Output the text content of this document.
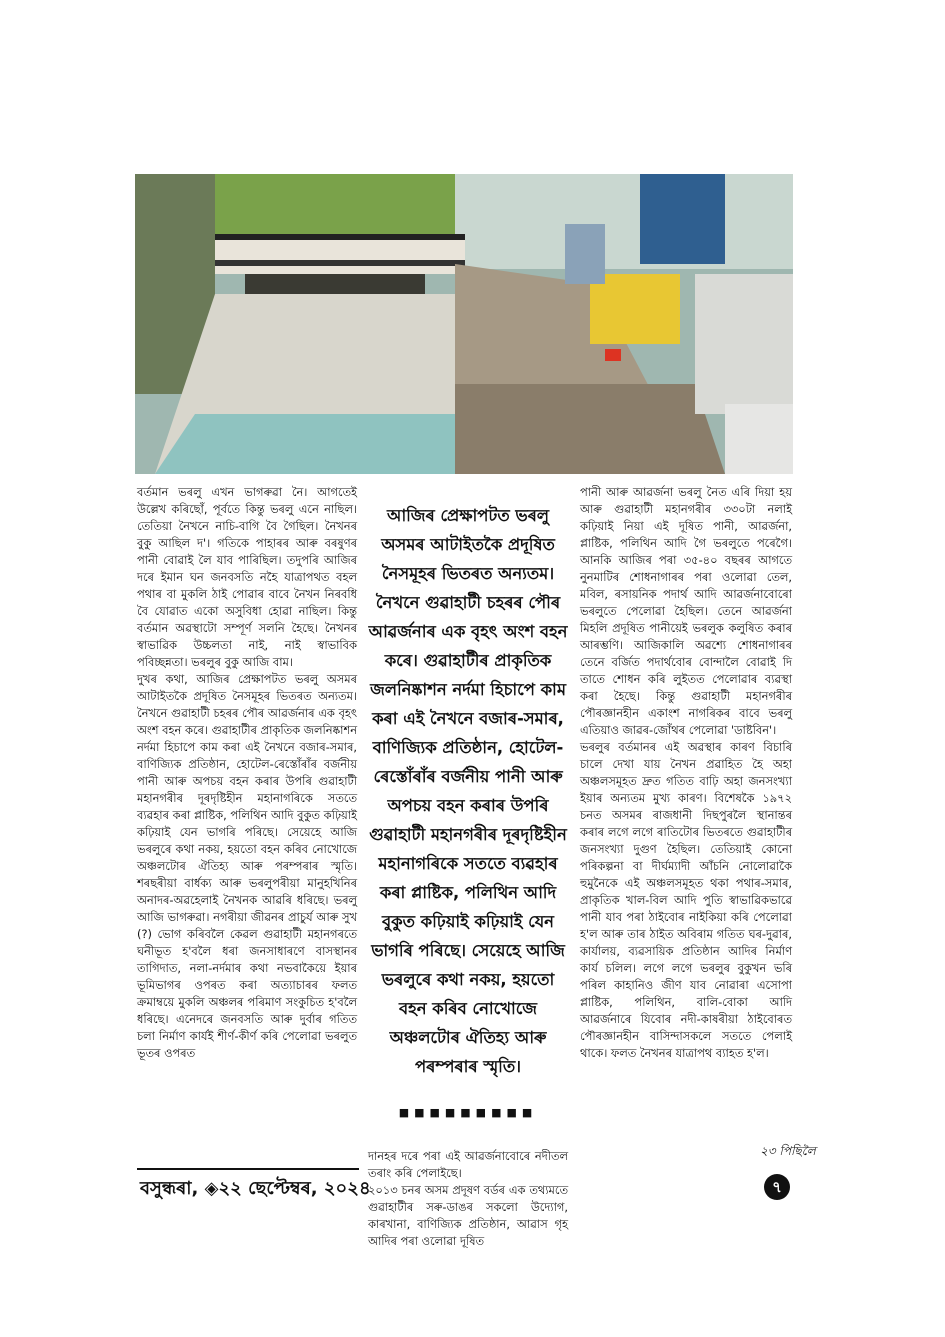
বৰ্তমান ভৰলু এখন ভাগৰুৱা নৈ। আগতেই উল্লেখ কৰিছোঁ, পূৰ্বতে কিন্তু ভৰলু এনে নাছিল। তেতিয়া নৈখনে নাচি-বাগি বৈ গৈছিল। নৈখনৰ বুকু আছিল দ'। গতিকে পাহাৰৰ আৰু বৰষুণৰ পানী বোৱাই লৈ যাব পাৰিছিল। তদুপৰি আজিৰ দৰে ইমান ঘন জনবসতি নহৈ যাত্ৰাপথত বহল পথাৰ বা মুকলি ঠাই পোৱাৰ বাবে নৈখন নিৰবধি বৈ যোৱাত একো অসুবিধা হোৱা নাছিল। কিন্তু বৰ্তমান অৱস্থাটো সম্পূৰ্ণ সলনি হৈছে। নৈখনৰ স্বাভাৱিক উচ্চলতা নাই, নাই স্বাভাবিক পবিচ্ছন্নতা। ভৰলুৰ বুকু আজি বাম।
দুখৰ কথা, আজিৰ প্ৰেক্ষাপটত ভৰলু অসমৰ আটাইতকৈ প্ৰদূষিত নৈসমূহৰ ভিতৰত অন্যতম। নৈখনে গুৱাহাটী চহৰৰ পৌৰ আৱৰ্জনাৰ এক বৃহৎ অংশ বহন কৰে। গুৱাহাটীৰ প্ৰাকৃতিক জলনিষ্কাশন নৰ্দমা হিচাপে কাম কৰা এই নৈখনে বজাৰ-সমাৰ, বাণিজ্যিক প্ৰতিষ্ঠান, হোটেল-ৰেস্তোঁৰাঁৰ বৰ্জনীয় পানী আৰু অপচয় বহন কৰাৰ উপৰি গুৱাহাটী মহানগৰীৰ দূৰদৃষ্টিহীন মহানাগৰিকে সততে ব্যৱহাৰ কৰা প্লাষ্টিক, পলিথিন আদি বুকুত কঢ়িয়াই কঢ়িয়াই যেন ভাগৰি পৰিছে। সেয়েহে আজি ভৰলুৰে কথা নকয়, হয়তো বহন কৰিব নোখোজে অঞ্চলটোৰ ঐতিহ্য আৰু পৰম্পৰাৰ স্মৃতি। শৰছৰীয়া বাৰ্ধক্য আৰু ভৰলুপৰীয়া মানুহখিনিৰ অনাদৰ-অৱহেলাই নৈখনক আৱৰি ধৰিছে। ভৰলু আজি ভাগৰুৱা। নগৰীয়া জীৱনৰ প্ৰাচুৰ্য আৰু সুখ (?) ভোগ কৰিবলৈ কেৱল গুৱাহাটী মহানগৰতে ঘনীভূত হ'বলৈ ধৰা জনসাধাৰণে বাসস্থানৰ তাগিদাত, নলা-নৰ্দমাৰ কথা নভবাকৈয়ে ইয়াৰ ভূমিভাগৰ ওপৰত কৰা অত্যাচাৰৰ ফলত ক্ৰমাম্বয়ে মুকলি অঞ্চলৰ পৰিমাণ সংকুচিত হ'বলৈ ধৰিছে। এনেদৰে জনবসতি আৰু দুৰ্বাৰ গতিত চলা নিৰ্মাণ কাৰ্যই শীৰ্ণ-কীৰ্ণ কৰি পেলোৱা ভৰলুত ভূতৰ ওপৰত

আজিৰ প্ৰেক্ষাপটত ভৰলু অসমৰ আটাইতকৈ প্ৰদূষিত নৈসমূহৰ ভিতৰত অন্যতম। নৈখনে গুৱাহাটী চহৰৰ পৌৰ আৱৰ্জনাৰ এক বৃহৎ অংশ বহন কৰে। গুৱাহাটীৰ প্ৰাকৃতিক জলনিষ্কাশন নৰ্দমা হিচাপে কাম কৰা এই নৈখনে বজাৰ-সমাৰ, বাণিজ্যিক প্ৰতিষ্ঠান, হোটেল-ৰেস্তোঁৰাঁৰ বৰ্জনীয় পানী আৰু অপচয় বহন কৰাৰ উপৰি গুৱাহাটী মহানগৰীৰ দূৰদৃষ্টিহীন মহানাগৰিকে সততে ব্যৱহাৰ কৰা প্লাষ্টিক, পলিথিন আদি বুকুত কঢ়িয়াই কঢ়িয়াই যেন ভাগৰি পৰিছে। সেয়েহে আজি ভৰলুৰে কথা নকয়, হয়তো বহন কৰিব নোখোজে অঞ্চলটোৰ ঐতিহ্য আৰু পৰম্পৰাৰ স্মৃতি।

■■■■■■■■■

দানহৰ দৰে পৰা এই আৱৰ্জনাবোৰে নদীতল তৰাং কৰি পেলাইছে।
২০১৩ চনৰ অসম প্ৰদূষণ বৰ্ডৰ এক তথ্যমতে গুৱাহাটীৰ সৰু-ডাঙৰ সকলো উদ্যোগ, কাৰখানা, বাণিজ্যিক প্ৰতিষ্ঠান, আৱাস গৃহ আদিৰ পৰা ওলোৱা দূষিত

পানী আৰু আৱৰ্জনা ভৰলু নৈত এৰি দিয়া হয় আৰু গুৱাহাটী মহানগৰীৰ ৩৩০টা নলাই কঢ়িয়াই নিয়া এই দূষিত পানী, আৱৰ্জনা, প্লাষ্টিক, পলিথিন আদি গৈ ভৰলুতে পৰেগৈ। আনকি আজিৰ পৰা ৩৫-৪০ বছৰৰ আগতে নুনমাটিৰ শোধনাগাৰৰ পৰা ওলোৱা তেল, মবিল, ৰসায়নিক পদাৰ্থ আদি আৱৰ্জনাবোৰো ভৰলুতে পেলোৱা হৈছিল। তেনে আৱৰ্জনা মিহলি প্ৰদূষিত পানীয়েই ভৰলুক কলুষিত কৰাৰ আৰম্ভণি। আজিকালি অৱশ্যে শোধনাগাৰৰ তেনে বৰ্জিত পদাৰ্থবোৰ বোন্দালৈ বোৱাই দি তাতে শোধন কৰি লুইতত পেলোৱাৰ ব্যৱস্থা কৰা হৈছে। কিন্তু গুৱাহাটী মহানগৰীৰ পৌৰজ্ঞানহীন একাংশ নাগৰিকৰ বাবে ভৰলু এতিয়াও জাৱৰ-জোঁথৰ পেলোৱা 'ডাষ্টবিন'।
ভৰলুৰ বৰ্তমানৰ এই অৱস্থাৰ কাৰণ বিচাৰি চালে দেখা যায় নৈখন প্ৰৱাহিত হৈ অহা অঞ্চলসমূহত দ্ৰুত গতিত বাঢ়ি অহা জনসংখ্যা ইয়াৰ অন্যতম মুখ্য কাৰণ। বিশেষকৈ ১৯৭২ চনত অসমৰ ৰাজধানী দিছপুৰলৈ স্থানান্তৰ কৰাৰ লগে লগে ৰাতিটোৰ ভিতৰতে গুৱাহাটীৰ জনসংখ্যা দুগুণ হৈছিল। তেতিয়াই কোনো পৰিকল্পনা বা দীৰ্ঘম্যাদী আঁচনি নোলোৱাকৈ হুমুনৈকে এই অঞ্চলসমূহত থকা পথাৰ-সমাৰ, প্ৰাকৃতিক খাল-বিল আদি পুতি স্বাভাৱিকভাৱে পানী যাব পৰা ঠাইবোৰ নাইকিয়া কৰি পেলোৱা হ'ল আৰু তাৰ ঠাইত অবিৰাম গতিত ঘৰ-দুৱাৰ, কাৰ্যালয়, ব্যৱসায়িক প্ৰতিষ্ঠান আদিৰ নিৰ্মাণ কাৰ্য চলিল। লগে লগে ভৰলুৰ বুকুখন ভৰি পৰিল কাহানিও জীণ যাব নোৱাৰা এসোপা প্লাষ্টিক, পলিথিন, বালি-বোকা আদি আৱৰ্জনাৰে যিবোৰ নদী-কাষৰীয়া ঠাইবোৰত পৌৰজ্ঞানহীন বাসিন্দাসকলে সততে পেলাই থাকে। ফলত নৈখনৰ যাত্ৰাপথ ব্যাহত হ'ল।
২৩ পিছিলৈ
বসুন্ধৰা, ◈২২ ছেপ্টেম্বৰ, ২০২৪	৭
